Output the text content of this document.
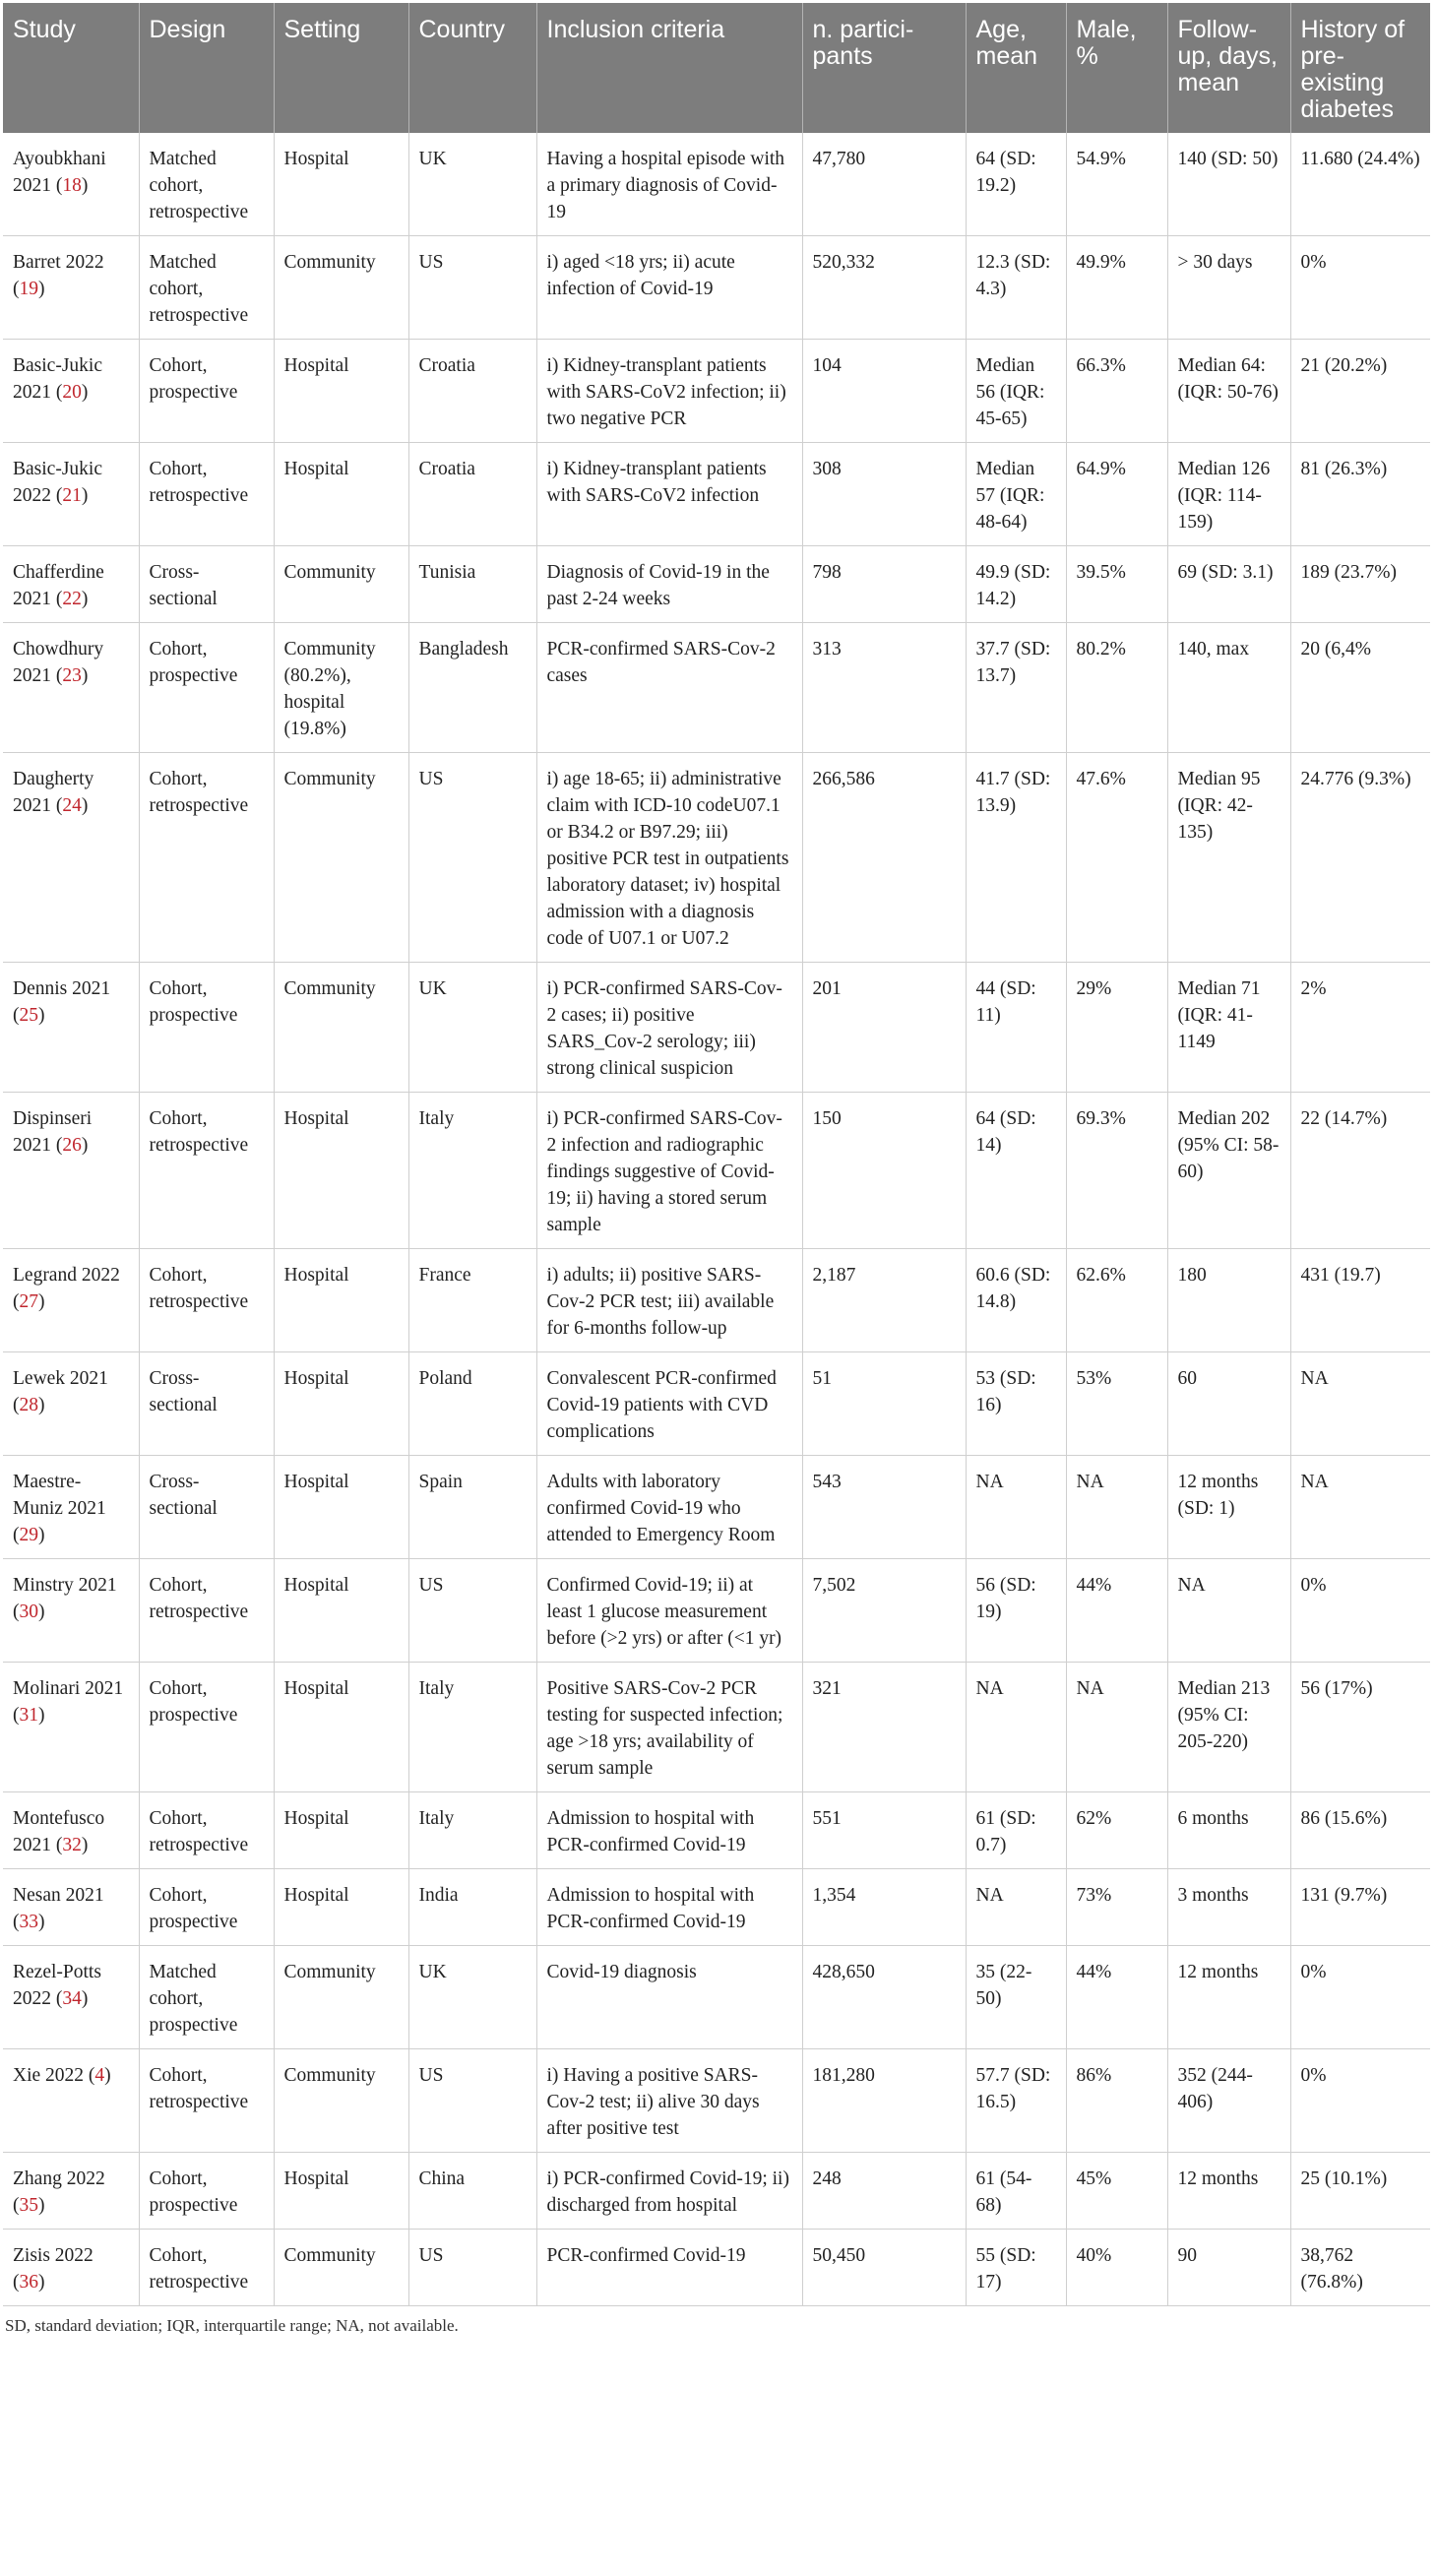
Study	Design	Setting	Country	Inclusion criteria	n. partici-pants	Age, mean	Male, %	Follow-up, days, mean	History of pre-existing diabetes
Ayoubkhani 2021 (18)	Matched cohort, retrospective	Hospital	UK	Having a hospital episode with a primary diagnosis of Covid-19	47,780	64 (SD: 19.2)	54.9%	140 (SD: 50)	11.680 (24.4%)
Barret 2022 (19)	Matched cohort, retrospective	Community	US	i) aged <18 yrs; ii) acute infection of Covid-19	520,332	12.3 (SD: 4.3)	49.9%	> 30 days	0%
Basic-Jukic 2021 (20)	Cohort, prospective	Hospital	Croatia	i) Kidney-transplant patients with SARS-CoV2 infection; ii) two negative PCR	104	Median 56 (IQR: 45-65)	66.3%	Median 64: (IQR: 50-76)	21 (20.2%)
Basic-Jukic 2022 (21)	Cohort, retrospective	Hospital	Croatia	i) Kidney-transplant patients with SARS-CoV2 infection	308	Median 57 (IQR: 48-64)	64.9%	Median 126 (IQR: 114-159)	81 (26.3%)
Chafferdine 2021 (22)	Cross-sectional	Community	Tunisia	Diagnosis of Covid-19 in the past 2-24 weeks	798	49.9 (SD: 14.2)	39.5%	69 (SD: 3.1)	189 (23.7%)
Chowdhury 2021 (23)	Cohort, prospective	Community (80.2%), hospital (19.8%)	Bangladesh	PCR-confirmed SARS-Cov-2 cases	313	37.7 (SD: 13.7)	80.2%	140, max	20 (6,4%
Daugherty 2021 (24)	Cohort, retrospective	Community	US	i) age 18-65; ii) administrative claim with ICD-10 codeU07.1 or B34.2 or B97.29; iii) positive PCR test in outpatients laboratory dataset; iv) hospital admission with a diagnosis code of U07.1 or U07.2	266,586	41.7 (SD: 13.9)	47.6%	Median 95 (IQR: 42-135)	24.776 (9.3%)
Dennis 2021 (25)	Cohort, prospective	Community	UK	i) PCR-confirmed SARS-Cov-2 cases; ii) positive SARS_Cov-2 serology; iii) strong clinical suspicion	201	44 (SD: 11)	29%	Median 71 (IQR: 41-1149	2%
Dispinseri 2021 (26)	Cohort, retrospective	Hospital	Italy	i) PCR-confirmed SARS-Cov-2 infection and radiographic findings suggestive of Covid-19; ii) having a stored serum sample	150	64 (SD: 14)	69.3%	Median 202 (95% CI: 58-60)	22 (14.7%)
Legrand 2022 (27)	Cohort, retrospective	Hospital	France	i) adults; ii) positive SARS-Cov-2 PCR test; iii) available for 6-months follow-up	2,187	60.6 (SD: 14.8)	62.6%	180	431 (19.7)
Lewek 2021 (28)	Cross-sectional	Hospital	Poland	Convalescent PCR-confirmed Covid-19 patients with CVD complications	51	53 (SD: 16)	53%	60	NA
Maestre-Muniz 2021 (29)	Cross-sectional	Hospital	Spain	Adults with laboratory confirmed Covid-19 who attended to Emergency Room	543	NA	NA	12 months (SD: 1)	NA
Minstry 2021 (30)	Cohort, retrospective	Hospital	US	Confirmed Covid-19; ii) at least 1 glucose measurement before (>2 yrs) or after (<1 yr)	7,502	56 (SD: 19)	44%	NA	0%
Molinari 2021 (31)	Cohort, prospective	Hospital	Italy	Positive SARS-Cov-2 PCR testing for suspected infection; age >18 yrs; availability of serum sample	321	NA	NA	Median 213 (95% CI: 205-220)	56 (17%)
Montefusco 2021 (32)	Cohort, retrospective	Hospital	Italy	Admission to hospital with PCR-confirmed Covid-19	551	61 (SD: 0.7)	62%	6 months	86 (15.6%)
Nesan 2021 (33)	Cohort, prospective	Hospital	India	Admission to hospital with PCR-confirmed Covid-19	1,354	NA	73%	3 months	131 (9.7%)
Rezel-Potts 2022 (34)	Matched cohort, prospective	Community	UK	Covid-19 diagnosis	428,650	35 (22-50)	44%	12 months	0%
Xie 2022 (4)	Cohort, retrospective	Community	US	i) Having a positive SARS-Cov-2 test; ii) alive 30 days after positive test	181,280	57.7 (SD: 16.5)	86%	352 (244-406)	0%
Zhang 2022 (35)	Cohort, prospective	Hospital	China	i) PCR-confirmed Covid-19; ii) discharged from hospital	248	61 (54-68)	45%	12 months	25 (10.1%)
Zisis 2022 (36)	Cohort, retrospective	Community	US	PCR-confirmed Covid-19	50,450	55 (SD: 17)	40%	90	38,762 (76.8%)
SD, standard deviation; IQR, interquartile range; NA, not available.
